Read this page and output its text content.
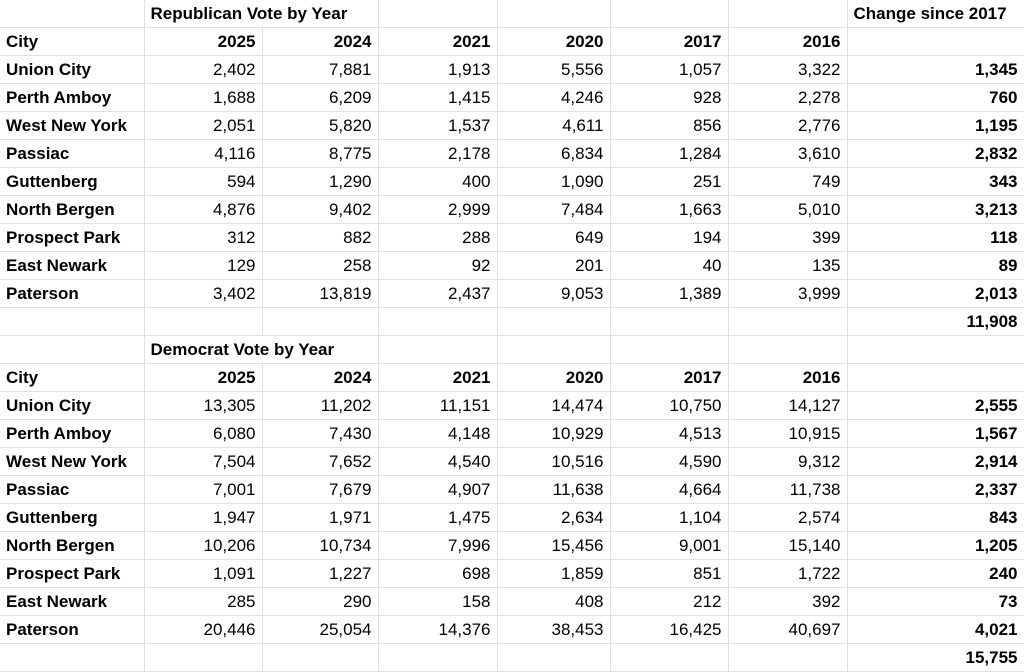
	Republican Vote by Year						Change since 2017
City	2025	2024	2021	2020	2017	2016	
Union City	2,402	7,881	1,913	5,556	1,057	3,322	1,345
Perth Amboy	1,688	6,209	1,415	4,246	928	2,278	760
West New York	2,051	5,820	1,537	4,611	856	2,776	1,195
Passiac	4,116	8,775	2,178	6,834	1,284	3,610	2,832
Guttenberg	594	1,290	400	1,090	251	749	343
North Bergen	4,876	9,402	2,999	7,484	1,663	5,010	3,213
Prospect Park	312	882	288	649	194	399	118
East Newark	129	258	92	201	40	135	89
Paterson	3,402	13,819	2,437	9,053	1,389	3,999	2,013
							11,908
	Democrat Vote by Year						
City	2025	2024	2021	2020	2017	2016	
Union City	13,305	11,202	11,151	14,474	10,750	14,127	2,555
Perth Amboy	6,080	7,430	4,148	10,929	4,513	10,915	1,567
West New York	7,504	7,652	4,540	10,516	4,590	9,312	2,914
Passiac	7,001	7,679	4,907	11,638	4,664	11,738	2,337
Guttenberg	1,947	1,971	1,475	2,634	1,104	2,574	843
North Bergen	10,206	10,734	7,996	15,456	9,001	15,140	1,205
Prospect Park	1,091	1,227	698	1,859	851	1,722	240
East Newark	285	290	158	408	212	392	73
Paterson	20,446	25,054	14,376	38,453	16,425	40,697	4,021
							15,755
